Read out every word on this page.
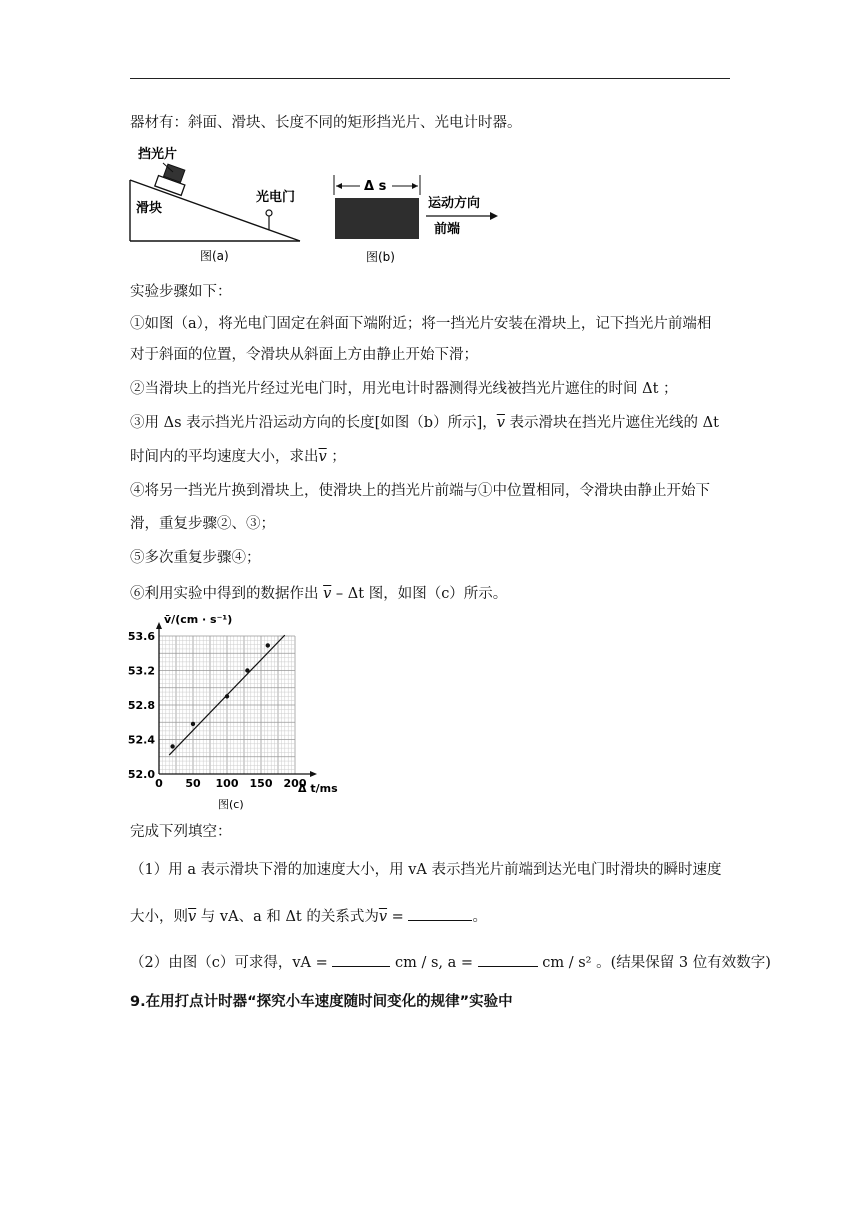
器材有：斜面、滑块、长度不同的矩形挡光片、光电计时器。
挡光片
滑块
光电门
图(a)
Δ s
运动方向
前端
图(b)
实验步骤如下：
①如图（a），将光电门固定在斜面下端附近；将一挡光片安装在滑块上，记下挡光片前端相
对于斜面的位置，令滑块从斜面上方由静止开始下滑；
②当滑块上的挡光片经过光电门时，用光电计时器测得光线被挡光片遮住的时间 Δt ；
③用 Δs 表示挡光片沿运动方向的长度[如图（b）所示]，$\overline{v}$ 表示滑块在挡光片遮住光线的 Δt
时间内的平均速度大小，求出$\overline{v}$ ；
④将另一挡光片换到滑块上，使滑块上的挡光片前端与①中位置相同，令滑块由静止开始下
滑，重复步骤②、③；
⑤多次重复步骤④；
⑥利用实验中得到的数据作出 $\overline{v}$ – Δt 图，如图（c）所示。
0 50 100 150 200
52.0
52.4
52.8
53.2
53.6
v̄/(cm · s⁻¹)
Δ t/ms
图(c)
完成下列填空：
（1）用 a 表示滑块下滑的加速度大小，用 vA 表示挡光片前端到达光电门时滑块的瞬时速度
大小，则$\overline{v}$ 与 vA、a 和 Δt 的关系式为$\overline{v}$ =	。
（2）由图（c）可求得，vA =	cm / s, a =	cm / s² 。(结果保留 3 位有效数字)
9.在用打点计时器“探究小车速度随时间变化的规律”实验中
